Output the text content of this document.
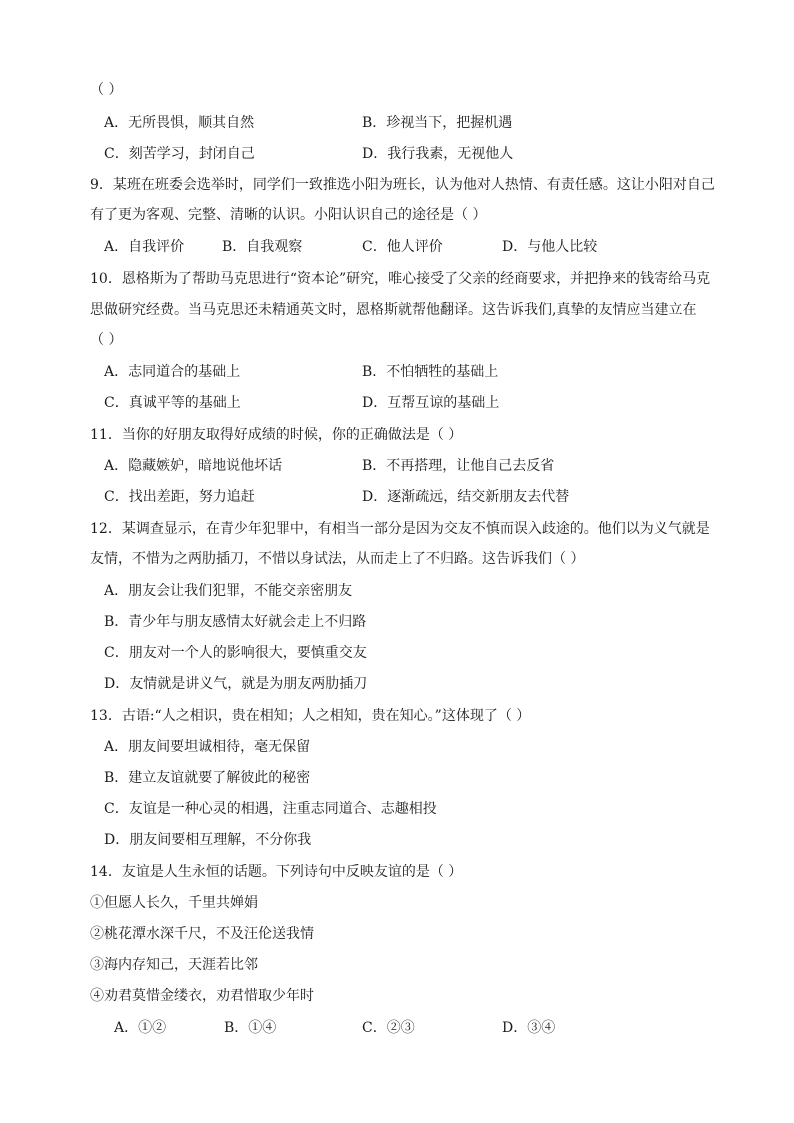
（ ）
A．无所畏惧，顺其自然	B．珍视当下，把握机遇
C．刻苦学习，封闭自己	D．我行我素，无视他人
9．某班在班委会选举时，同学们一致推选小阳为班长，认为他对人热情、有责任感。这让小阳对自己
有了更为客观、完整、清晰的认识。小阳认识自己的途径是（ ）
A．自我评价	B．自我观察	C．他人评价	D．与他人比较
10．恩格斯为了帮助马克思进行“资本论”研究，唯心接受了父亲的经商要求，并把挣来的钱寄给马克
思做研究经费。当马克思还未精通英文时，恩格斯就帮他翻译。这告诉我们,真挚的友情应当建立在
（ ）
A．志同道合的基础上	B．不怕牺牲的基础上
C．真诚平等的基础上	D．互帮互谅的基础上
11．当你的好朋友取得好成绩的时候，你的正确做法是（ ）
A．隐藏嫉妒，暗地说他坏话	B．不再搭理，让他自己去反省
C．找出差距，努力追赶	D．逐渐疏远，结交新朋友去代替
12．某调查显示，在青少年犯罪中，有相当一部分是因为交友不慎而误入歧途的。他们以为义气就是
友情，不惜为之两肋插刀，不惜以身试法，从而走上了不归路。这告诉我们（ ）
A．朋友会让我们犯罪，不能交亲密朋友
B．青少年与朋友感情太好就会走上不归路
C．朋友对一个人的影响很大，要慎重交友
D．友情就是讲义气，就是为朋友两肋插刀
13．古语:“人之相识，贵在相知；人之相知，贵在知心。”这体现了（ ）
A．朋友间要坦诚相待，毫无保留
B．建立友谊就要了解彼此的秘密
C．友谊是一种心灵的相遇，注重志同道合、志趣相投
D．朋友间要相互理解，不分你我
14．友谊是人生永恒的话题。下列诗句中反映友谊的是（ ）
①但愿人长久，千里共婵娟
②桃花潭水深千尺，不及汪伦送我情
③海内存知己，天涯若比邻
④劝君莫惜金缕衣，劝君惜取少年时
A．①②	B．①④	C．②③	D．③④
